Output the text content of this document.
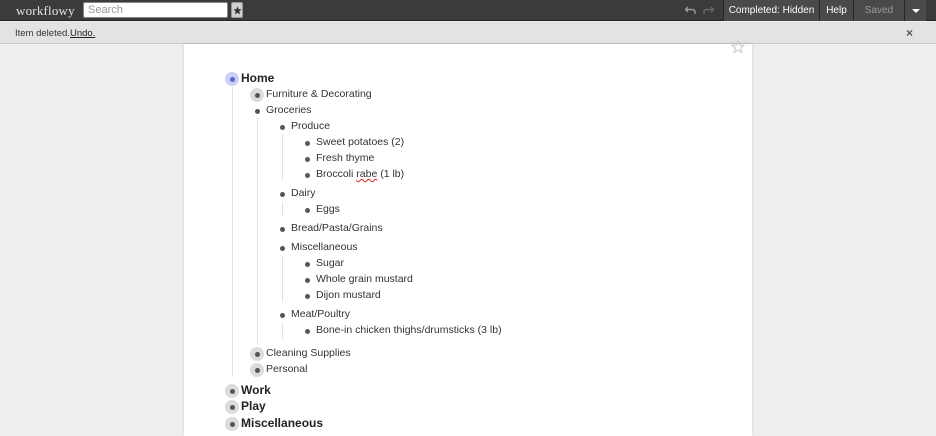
workflowy
Search	Completed: Hidden	Help	Saved
Item deleted. Undo.	×
Home
Furniture & Decorating
Groceries
Produce
Sweet potatoes (2)
Fresh thyme
Broccoli rabe (1 lb)
Dairy
Eggs
Bread/Pasta/Grains
Miscellaneous
Sugar
Whole grain mustard
Dijon mustard
Meat/Poultry
Bone-in chicken thighs/drumsticks (3 lb)
Cleaning Supplies
Personal
Work
Play
Miscellaneous
